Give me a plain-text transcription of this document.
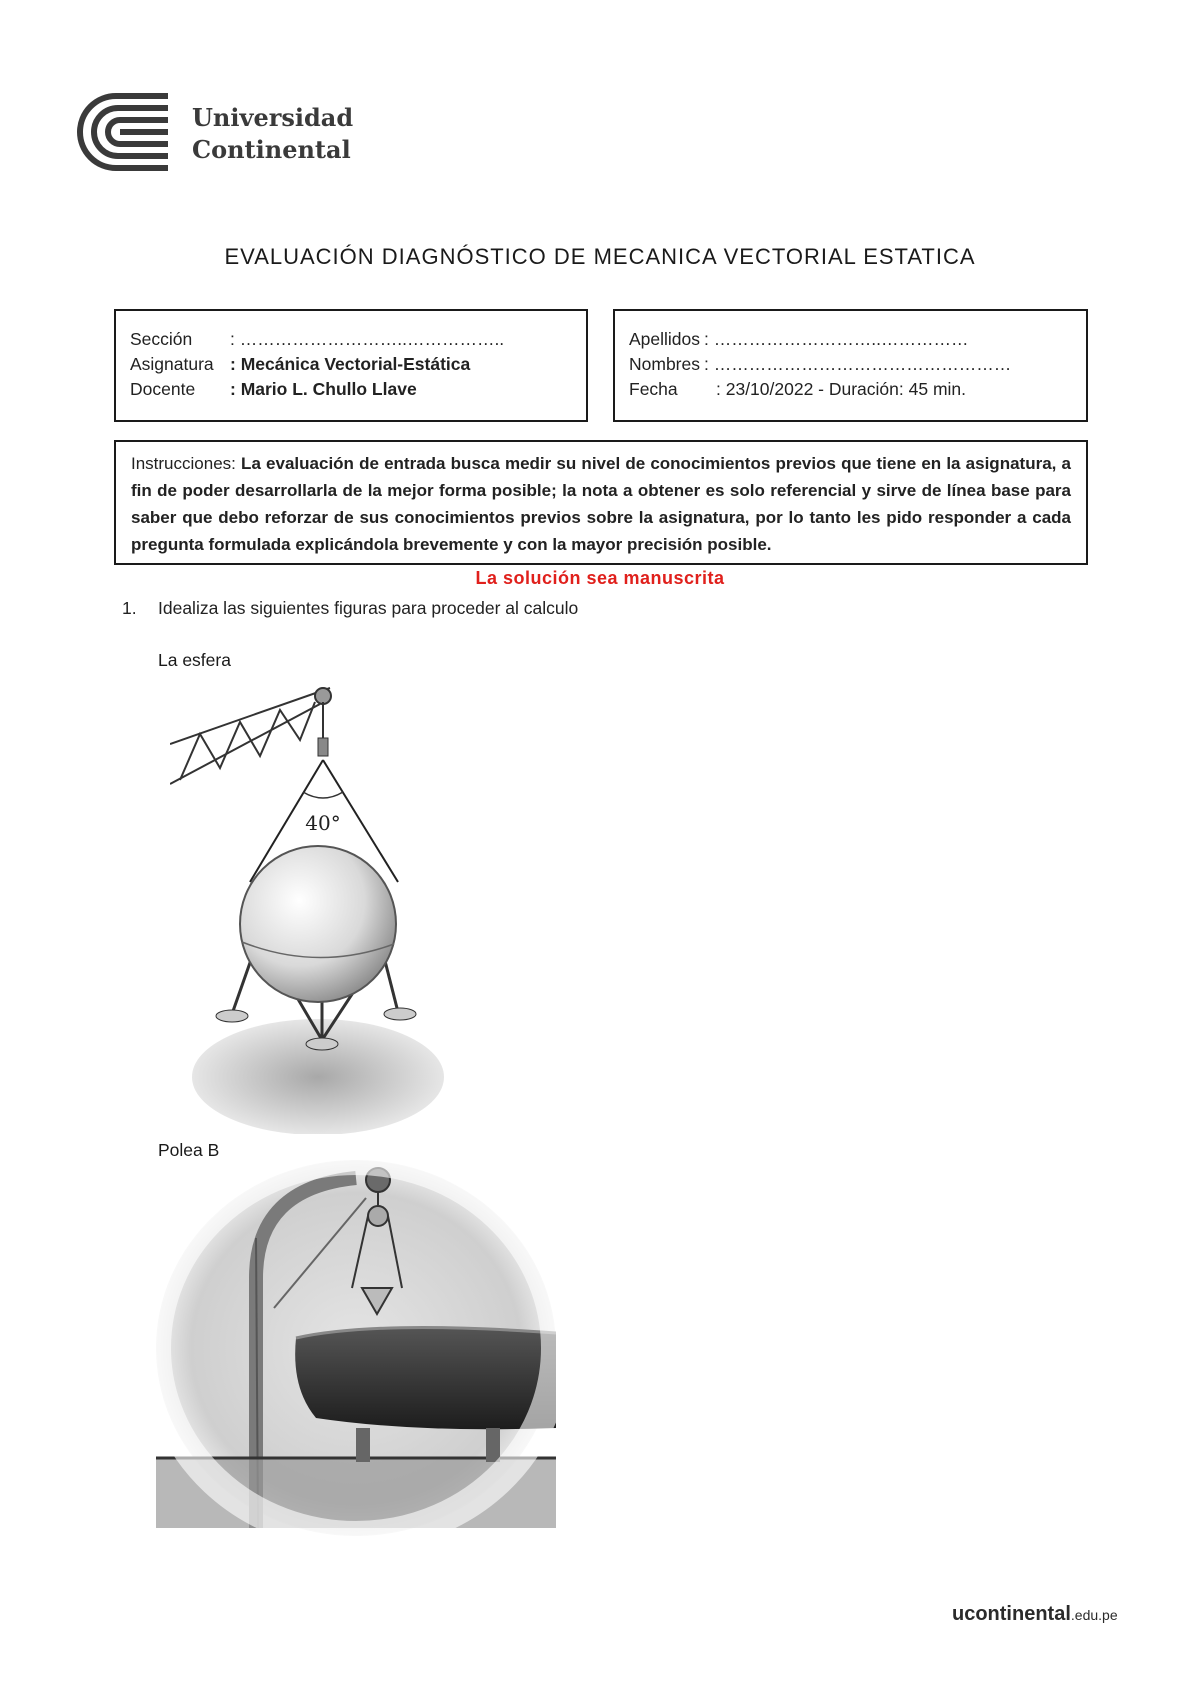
Universidad
Continental
EVALUACIÓN DIAGNÓSTICO DE MECANICA VECTORIAL ESTATICA
Sección	: ………………………..……………..
Asignatura : Mecánica Vectorial-Estática
Docente	: Mario L. Chullo Llave
Apellidos : ………………………..……………
Nombres : ……………………………………………
Fecha	: 23/10/2022 - Duración: 45 min.
Instrucciones: La evaluación de entrada busca medir su nivel de conocimientos previos que tiene en la asignatura, a fin de poder desarrollarla de la mejor forma posible; la nota a obtener es solo referencial y sirve de línea base para saber que debo reforzar de sus conocimientos previos sobre la asignatura, por lo tanto les pido responder a cada pregunta formulada explicándola brevemente y con la mayor precisión posible.
La solución sea manuscrita
1. Idealiza las siguientes figuras para proceder al calculo
La esfera
40°
Polea B
ucontinental.edu.pe
